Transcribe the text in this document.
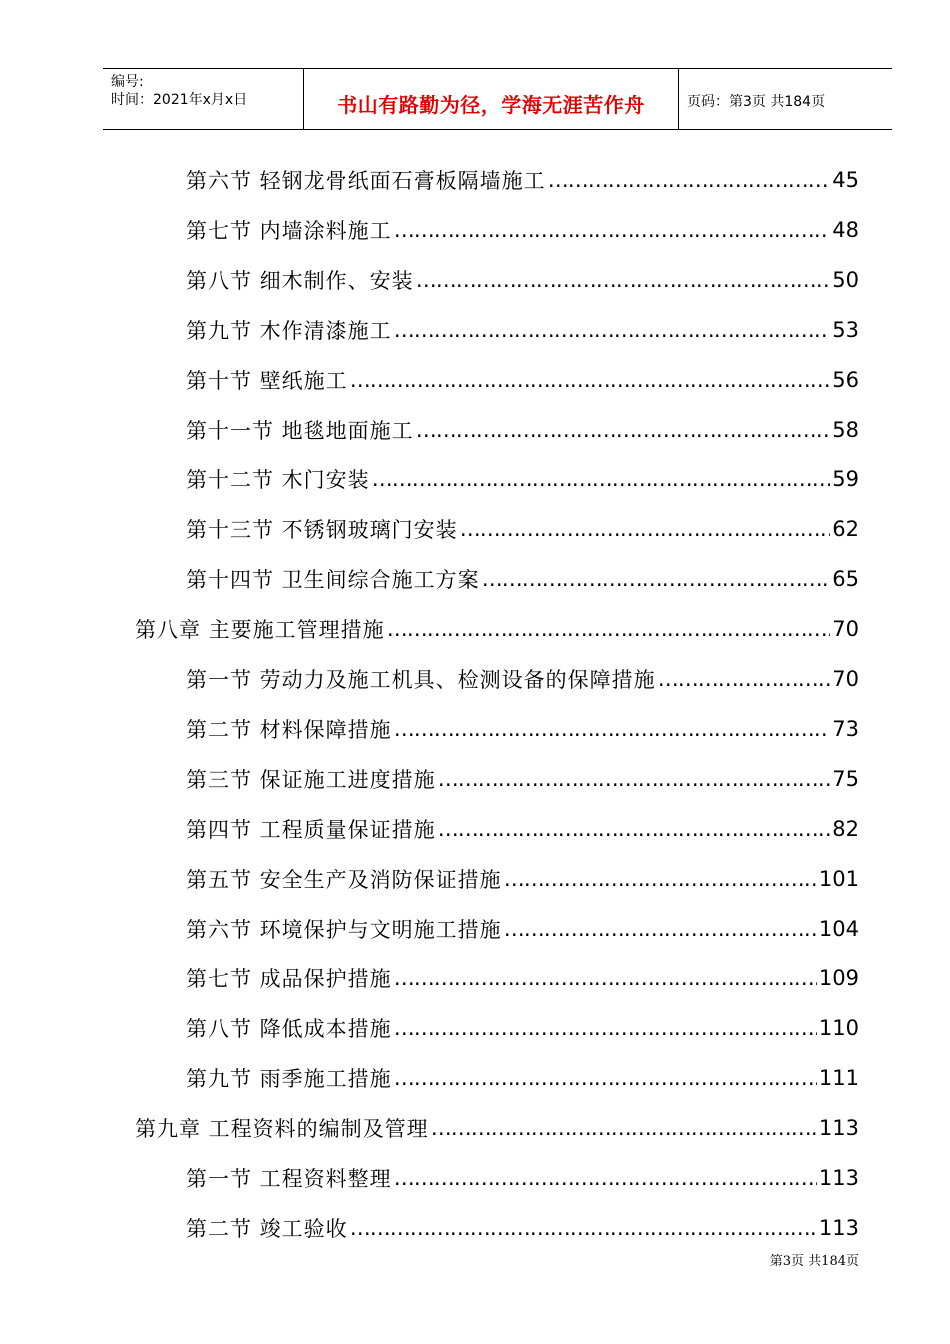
编号:
时间：2021年x月x日	书山有路勤为径，学海无涯苦作舟	页码：第3页 共184页
第六节 轻钢龙骨纸面石膏板隔墙施工 ……………………………………………………………………………………………………………………………………………………………	45
第七节 内墙涂料施工 ……………………………………………………………………………………………………………………………………………………………	48
第八节 细木制作、安装 ……………………………………………………………………………………………………………………………………………………………	50
第九节 木作清漆施工 ……………………………………………………………………………………………………………………………………………………………	53
第十节 壁纸施工 ……………………………………………………………………………………………………………………………………………………………	56
第十一节 地毯地面施工 ……………………………………………………………………………………………………………………………………………………………	58
第十二节 木门安装 ……………………………………………………………………………………………………………………………………………………………	59
第十三节 不锈钢玻璃门安装 ……………………………………………………………………………………………………………………………………………………………	62
第十四节 卫生间综合施工方案 ……………………………………………………………………………………………………………………………………………………………	65
第八章 主要施工管理措施 ……………………………………………………………………………………………………………………………………………………………	70
第一节 劳动力及施工机具、检测设备的保障措施 ……………………………………………………………………………………………………………………………………………………………	70
第二节 材料保障措施 ……………………………………………………………………………………………………………………………………………………………	73
第三节 保证施工进度措施 ……………………………………………………………………………………………………………………………………………………………	75
第四节 工程质量保证措施 ……………………………………………………………………………………………………………………………………………………………	82
第五节 安全生产及消防保证措施 ……………………………………………………………………………………………………………………………………………………………	101
第六节 环境保护与文明施工措施 ……………………………………………………………………………………………………………………………………………………………	104
第七节 成品保护措施 ……………………………………………………………………………………………………………………………………………………………	109
第八节 降低成本措施 ……………………………………………………………………………………………………………………………………………………………	110
第九节 雨季施工措施 ……………………………………………………………………………………………………………………………………………………………	111
第九章 工程资料的编制及管理 ……………………………………………………………………………………………………………………………………………………………	113
第一节 工程资料整理 ……………………………………………………………………………………………………………………………………………………………	113
第二节 竣工验收 ……………………………………………………………………………………………………………………………………………………………	113
第3页 共184页
